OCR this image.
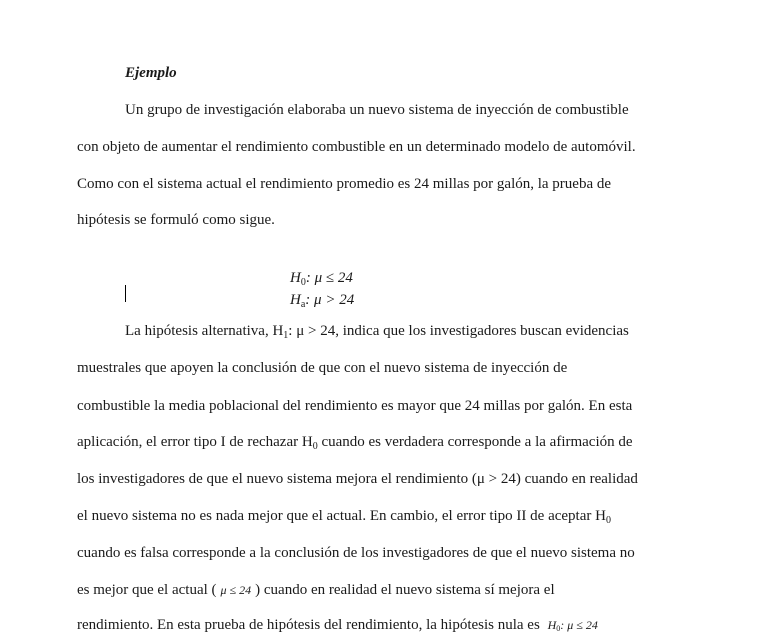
Ejemplo
Un grupo de investigación elaboraba un nuevo sistema de inyección de combustible
con objeto de aumentar el rendimiento combustible en un determinado modelo de automóvil.
Como con el sistema actual el rendimiento promedio es 24 millas por galón, la prueba de
hipótesis se formuló como sigue.
$H_0$: μ ≤ 24
$H_a$: μ > 24
La hipótesis alternativa, $H_1$: μ > 24, indica que los investigadores buscan evidencias
muestrales que apoyen la conclusión de que con el nuevo sistema de inyección de
combustible la media poblacional del rendimiento es mayor que 24 millas por galón. En esta
aplicación, el error tipo I de rechazar $H_0$ cuando es verdadera corresponde a la afirmación de
los investigadores de que el nuevo sistema mejora el rendimiento (μ > 24) cuando en realidad
el nuevo sistema no es nada mejor que el actual. En cambio, el error tipo II de aceptar $H_0$
cuando es falsa corresponde a la conclusión de los investigadores de que el nuevo sistema no
es mejor que el actual ( μ ≤ 24 ) cuando en realidad el nuevo sistema sí mejora el
rendimiento. En esta prueba de hipótesis del rendimiento, la hipótesis nula es $H_0$: μ ≤ 24
